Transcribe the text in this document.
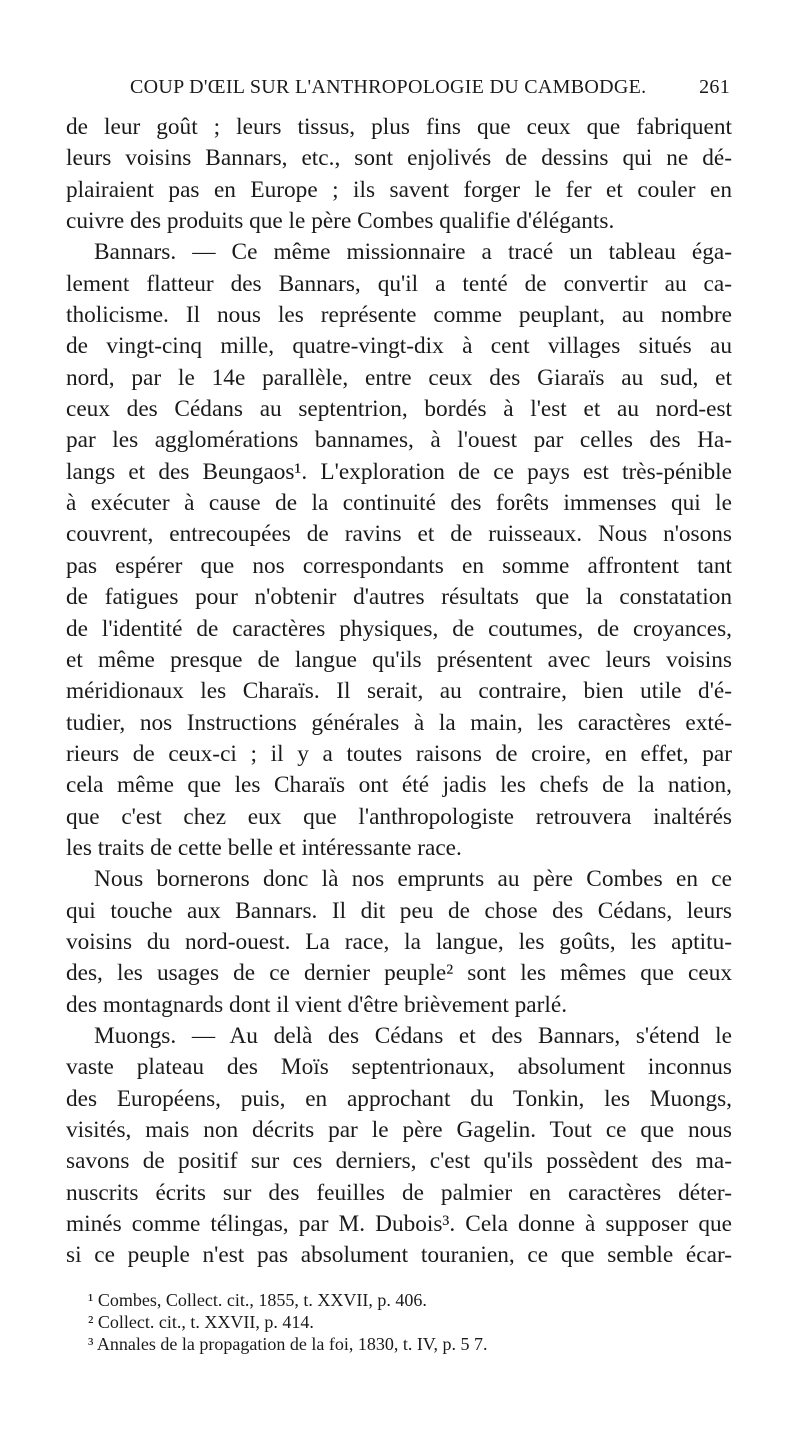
COUP D'ŒIL SUR L'ANTHROPOLOGIE DU CAMBODGE.	261
de leur goût ; leurs tissus, plus fins que ceux que fabriquent
leurs voisins Bannars, etc., sont enjolivés de dessins qui ne dé-
plairaient pas en Europe ; ils savent forger le fer et couler en
cuivre des produits que le père Combes qualifie d'élégants.
Bannars. — Ce même missionnaire a tracé un tableau éga-
lement flatteur des Bannars, qu'il a tenté de convertir au ca-
tholicisme. Il nous les représente comme peuplant, au nombre
de vingt-cinq mille, quatre-vingt-dix à cent villages situés au
nord, par le 14e parallèle, entre ceux des Giaraïs au sud, et
ceux des Cédans au septentrion, bordés à l'est et au nord-est
par les agglomérations bannames, à l'ouest par celles des Ha-
langs et des Beungaos¹. L'exploration de ce pays est très-pénible
à exécuter à cause de la continuité des forêts immenses qui le
couvrent, entrecoupées de ravins et de ruisseaux. Nous n'osons
pas espérer que nos correspondants en somme affrontent tant
de fatigues pour n'obtenir d'autres résultats que la constatation
de l'identité de caractères physiques, de coutumes, de croyances,
et même presque de langue qu'ils présentent avec leurs voisins
méridionaux les Charaïs. Il serait, au contraire, bien utile d'é-
tudier, nos Instructions générales à la main, les caractères exté-
rieurs de ceux-ci ; il y a toutes raisons de croire, en effet, par
cela même que les Charaïs ont été jadis les chefs de la nation,
que c'est chez eux que l'anthropologiste retrouvera inaltérés
les traits de cette belle et intéressante race.
Nous bornerons donc là nos emprunts au père Combes en ce
qui touche aux Bannars. Il dit peu de chose des Cédans, leurs
voisins du nord-ouest. La race, la langue, les goûts, les aptitu-
des, les usages de ce dernier peuple² sont les mêmes que ceux
des montagnards dont il vient d'être brièvement parlé.
Muongs. — Au delà des Cédans et des Bannars, s'étend le
vaste plateau des Moïs septentrionaux, absolument inconnus
des Européens, puis, en approchant du Tonkin, les Muongs,
visités, mais non décrits par le père Gagelin. Tout ce que nous
savons de positif sur ces derniers, c'est qu'ils possèdent des ma-
nuscrits écrits sur des feuilles de palmier en caractères déter-
minés comme télingas, par M. Dubois³. Cela donne à supposer que
si ce peuple n'est pas absolument touranien, ce que semble écar-
¹ Combes, Collect. cit., 1855, t. XXVII, p. 406.
² Collect. cit., t. XXVII, p. 414.
³ Annales de la propagation de la foi, 1830, t. IV, p. 5 7.
